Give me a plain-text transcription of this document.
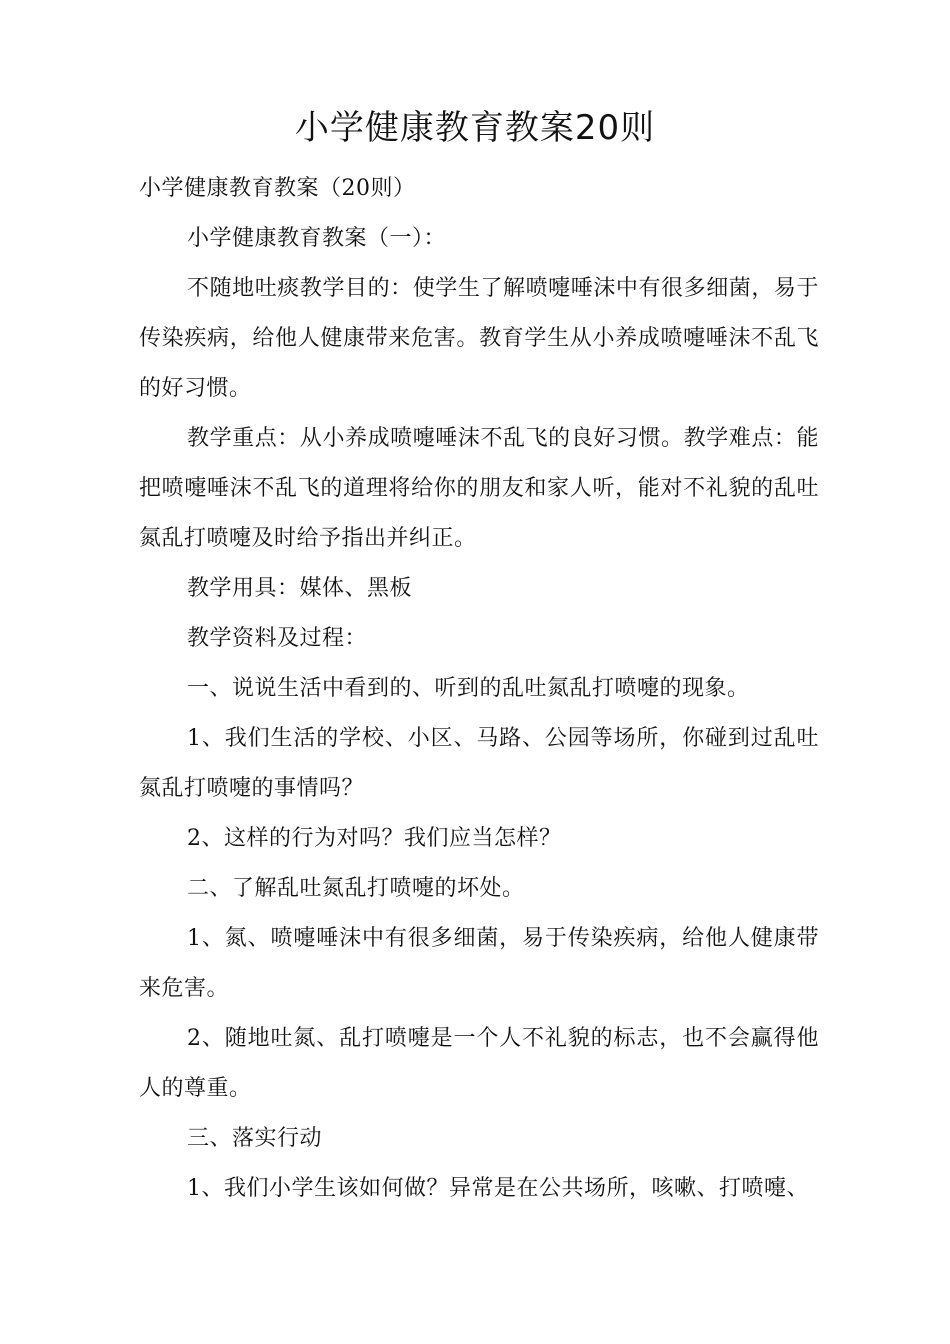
小学健康教育教案20则

小学健康教育教案（20则）

小学健康教育教案（一）：

不随地吐痰教学目的：使学生了解喷嚏唾沫中有很多细菌，易于传染疾病，给他人健康带来危害。教育学生从小养成喷嚏唾沫不乱飞的好习惯。

教学重点：从小养成喷嚏唾沫不乱飞的良好习惯。教学难点：能把喷嚏唾沫不乱飞的道理将给你的朋友和家人听，能对不礼貌的乱吐氮乱打喷嚏及时给予指出并纠正。

教学用具：媒体、黑板

教学资料及过程：

一、说说生活中看到的、听到的乱吐氮乱打喷嚏的现象。

1、我们生活的学校、小区、马路、公园等场所，你碰到过乱吐氮乱打喷嚏的事情吗？

2、这样的行为对吗？我们应当怎样？

二、了解乱吐氮乱打喷嚏的坏处。

1、氮、喷嚏唾沫中有很多细菌，易于传染疾病，给他人健康带来危害。

2、随地吐氮、乱打喷嚏是一个人不礼貌的标志，也不会赢得他人的尊重。

三、落实行动

1、我们小学生该如何做？异常是在公共场所，咳嗽、打喷嚏、
